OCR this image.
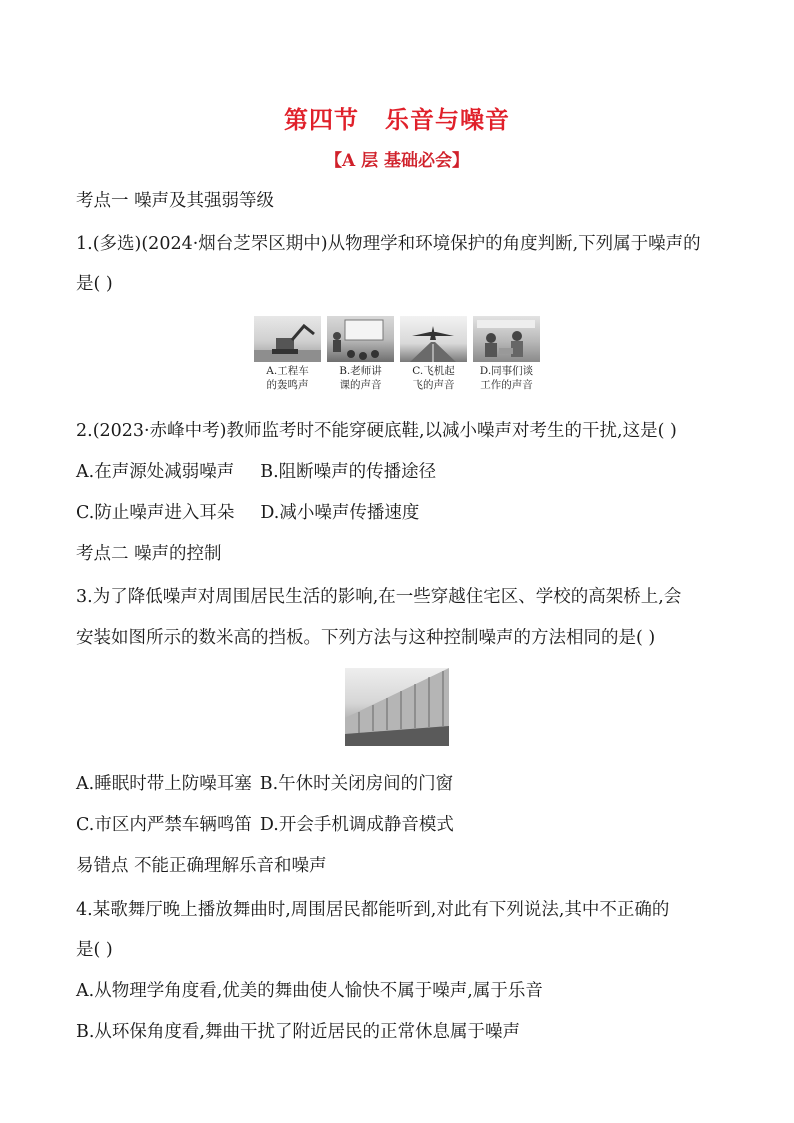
第四节 乐音与噪音
【A 层 基础必会】
考点一 噪声及其强弱等级
1.(多选)(2024·烟台芝罘区期中)从物理学和环境保护的角度判断,下列属于噪声的
是( )
A.工程车
的轰鸣声
B.老师讲
课的声音
C.飞机起
飞的声音
D.同事们谈
工作的声音
2.(2023·赤峰中考)教师监考时不能穿硬底鞋,以减小噪声对考生的干扰,这是( )
A.在声源处减弱噪声 B.阻断噪声的传播途径
C.防止噪声进入耳朵 D.减小噪声传播速度
考点二 噪声的控制
3.为了降低噪声对周围居民生活的影响,在一些穿越住宅区、学校的高架桥上,会
安装如图所示的数米高的挡板。下列方法与这种控制噪声的方法相同的是( )
A.睡眠时带上防噪耳塞 B.午休时关闭房间的门窗
C.市区内严禁车辆鸣笛 D.开会手机调成静音模式
易错点 不能正确理解乐音和噪声
4.某歌舞厅晚上播放舞曲时,周围居民都能听到,对此有下列说法,其中不正确的
是( )
A.从物理学角度看,优美的舞曲使人愉快不属于噪声,属于乐音
B.从环保角度看,舞曲干扰了附近居民的正常休息属于噪声
